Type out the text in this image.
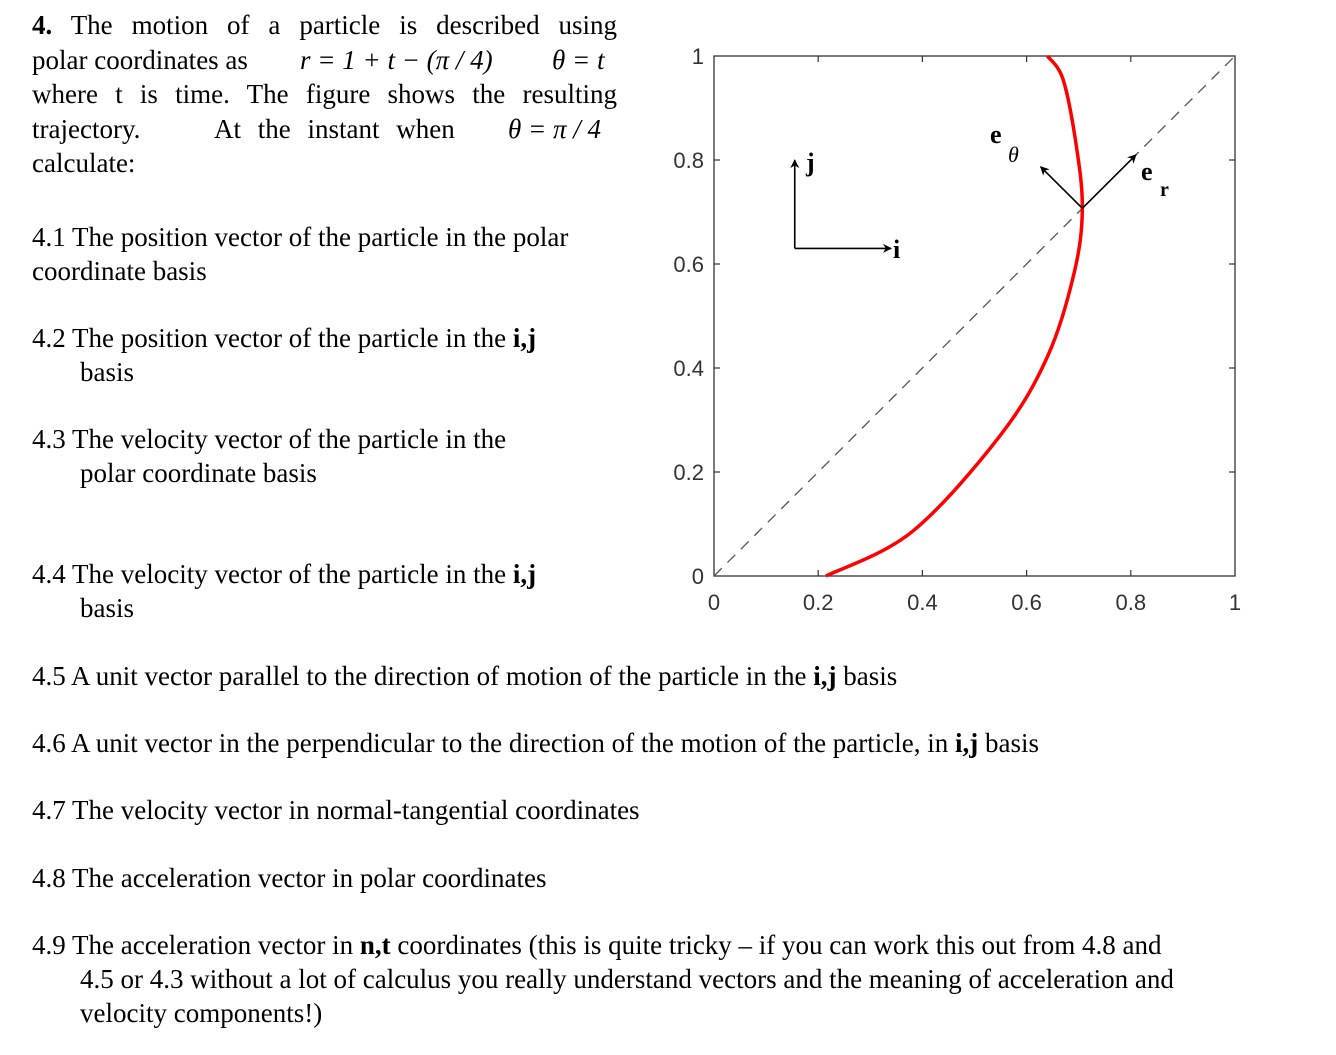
4. The motion of a particle is described using
polar coordinates as r = 1 + t − (π / 4) θ = t

where t is time. The figure shows the resulting
trajectory.	At the instant when θ = π / 4

calculate:
4.1 The position vector of the particle in the polar
coordinate basis
4.2 The position vector of the particle in the i,j
basis
4.3 The velocity vector of the particle in the
polar coordinate basis
4.4 The velocity vector of the particle in the i,j
basis
4.5 A unit vector parallel to the direction of motion of the particle in the i,j basis
4.6 A unit vector in the perpendicular to the direction of the motion of the particle, in i,j basis
4.7 The velocity vector in normal-tangential coordinates
4.8 The acceleration vector in polar coordinates
4.9 The acceleration vector in n,t coordinates (this is quite tricky – if you can work this out from 4.8 and
4.5 or 4.3 without a lot of calculus you really understand vectors and the meaning of acceleration and
velocity components!)
0	0.2	0.4	0.6	0.8	1
0
0.2
0.4
0.6
0.8
1
j
i
e
θ
e
r
